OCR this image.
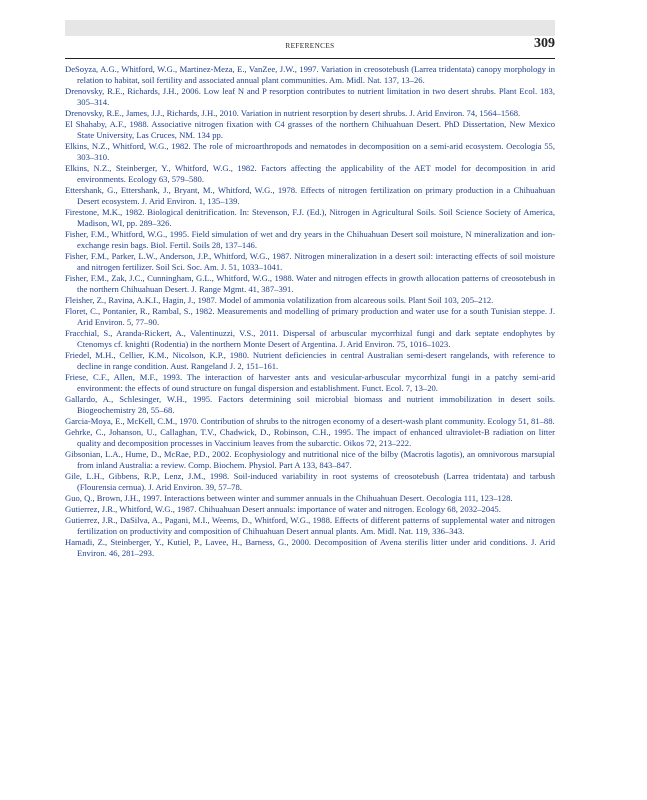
REFERENCES	309

DeSoyza, A.G., Whitford, W.G., Martinez-Meza, E., VanZee, J.W., 1997. Variation in creosotebush (Larrea tridentata) canopy morphology in relation to habitat, soil fertility and associated annual plant communities. Am. Midl. Nat. 137, 13–26.

Drenovsky, R.E., Richards, J.H., 2006. Low leaf N and P resorption contributes to nutrient limitation in two desert shrubs. Plant Ecol. 183, 305–314.

Drenovsky, R.E., James, J.J., Richards, J.H., 2010. Variation in nutrient resorption by desert shrubs. J. Arid Environ. 74, 1564–1568.

El Shahaby, A.F., 1988. Associative nitrogen fixation with C4 grasses of the northern Chihuahuan Desert. PhD Dissertation, New Mexico State University, Las Cruces, NM. 134 pp.

Elkins, N.Z., Whitford, W.G., 1982. The role of microarthropods and nematodes in decomposition on a semi-arid ecosystem. Oecologia 55, 303–310.

Elkins, N.Z., Steinberger, Y., Whitford, W.G., 1982. Factors affecting the applicability of the AET model for decomposition in arid environments. Ecology 63, 579–580.

Ettershank, G., Ettershank, J., Bryant, M., Whitford, W.G., 1978. Effects of nitrogen fertilization on primary production in a Chihuahuan Desert ecosystem. J. Arid Environ. 1, 135–139.

Firestone, M.K., 1982. Biological denitrification. In: Stevenson, F.J. (Ed.), Nitrogen in Agricultural Soils. Soil Science Society of America, Madison, WI, pp. 289–326.

Fisher, F.M., Whitford, W.G., 1995. Field simulation of wet and dry years in the Chihuahuan Desert soil moisture, N mineralization and ion-exchange resin bags. Biol. Fertil. Soils 28, 137–146.

Fisher, F.M., Parker, L.W., Anderson, J.P., Whitford, W.G., 1987. Nitrogen mineralization in a desert soil: interacting effects of soil moisture and nitrogen fertilizer. Soil Sci. Soc. Am. J. 51, 1033–1041.

Fisher, F.M., Zak, J.C., Cunningham, G.L., Whitford, W.G., 1988. Water and nitrogen effects in growth allocation patterns of creosotebush in the northern Chihuahuan Desert. J. Range Mgmt. 41, 387–391.

Fleisher, Z., Ravina, A.K.I., Hagin, J., 1987. Model of ammonia volatilization from alcareous soils. Plant Soil 103, 205–212.

Floret, C., Pontanier, R., Rambal, S., 1982. Measurements and modelling of primary production and water use for a south Tunisian steppe. J. Arid Environ. 5, 77–90.

Fracchial, S., Aranda-Rickert, A., Valentinuzzi, V.S., 2011. Dispersal of arbuscular mycorrhizal fungi and dark septate endophytes by Ctenomys cf. knighti (Rodentia) in the northern Monte Desert of Argentina. J. Arid Environ. 75, 1016–1023.

Friedel, M.H., Cellier, K.M., Nicolson, K.P., 1980. Nutrient deficiencies in central Australian semi-desert rangelands, with reference to decline in range condition. Aust. Rangeland J. 2, 151–161.

Friese, C.F., Allen, M.F., 1993. The interaction of harvester ants and vesicular-arbuscular mycorrhizal fungi in a patchy semi-arid environment: the effects of ound structure on fungal dispersion and establishment. Funct. Ecol. 7, 13–20.

Gallardo, A., Schlesinger, W.H., 1995. Factors determining soil microbial biomass and nutrient immobilization in desert soils. Biogeochemistry 28, 55–68.

Garcia-Moya, E., McKell, C.M., 1970. Contribution of shrubs to the nitrogen economy of a desert-wash plant community. Ecology 51, 81–88.

Gehrke, C., Johanson, U., Callaghan, T.V., Chadwick, D., Robinson, C.H., 1995. The impact of enhanced ultraviolet-B radiation on litter quality and decomposition processes in Vaccinium leaves from the subarctic. Oikos 72, 213–222.

Gibsonian, L.A., Hume, D., McRae, P.D., 2002. Ecophysiology and nutritional nice of the bilby (Macrotis lagotis), an omnivorous marsupial from inland Australia: a review. Comp. Biochem. Physiol. Part A 133, 843–847.

Gile, L.H., Gibbens, R.P., Lenz, J.M., 1998. Soil-induced variability in root systems of creosotebush (Larrea tridentata) and tarbush (Flourensia cernua). J. Arid Environ. 39, 57–78.

Guo, Q., Brown, J.H., 1997. Interactions between winter and summer annuals in the Chihuahuan Desert. Oecologia 111, 123–128.

Gutierrez, J.R., Whitford, W.G., 1987. Chihuahuan Desert annuals: importance of water and nitrogen. Ecology 68, 2032–2045.

Gutierrez, J.R., DaSilva, A., Pagani, M.I., Weems, D., Whitford, W.G., 1988. Effects of different patterns of supplemental water and nitrogen fertilization on productivity and composition of Chihuahuan Desert annual plants. Am. Midl. Nat. 119, 336–343.

Hamadi, Z., Steinberger, Y., Kutiel, P., Lavee, H., Barness, G., 2000. Decomposition of Avena sterilis litter under arid conditions. J. Arid Environ. 46, 281–293.
